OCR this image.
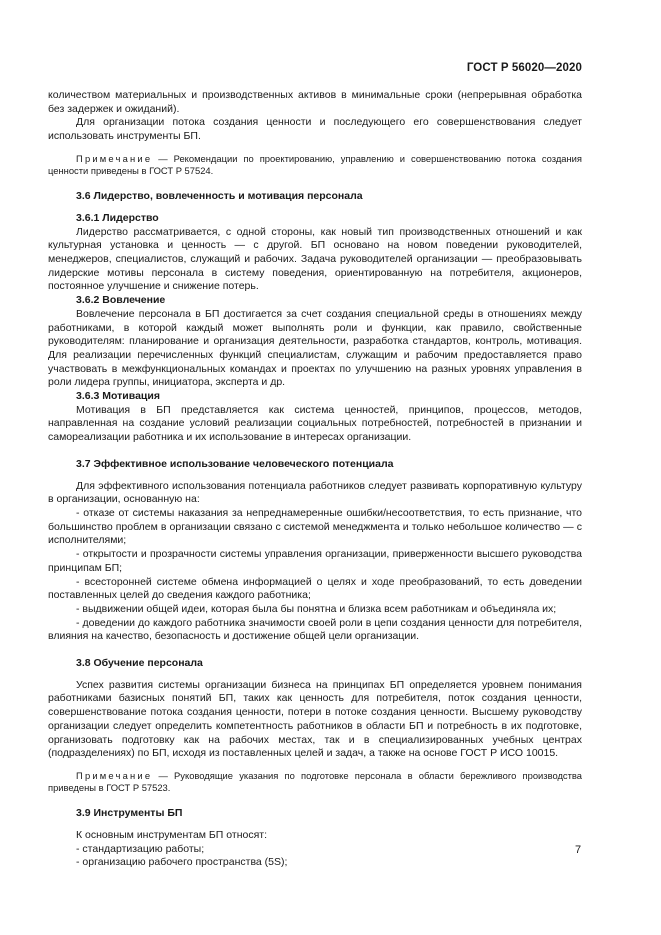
ГОСТ Р 56020—2020

количеством материальных и производственных активов в минимальные сроки (непрерывная обработка без задержек и ожиданий).

Для организации потока создания ценности и последующего его совершенствования следует использовать инструменты БП.

Примечание — Рекомендации по проектированию, управлению и совершенствованию потока создания ценности приведены в ГОСТ Р 57524.

3.6 Лидерство, вовлеченность и мотивация персонала

3.6.1 Лидерство

Лидерство рассматривается, с одной стороны, как новый тип производственных отношений и как культурная установка и ценность — с другой. БП основано на новом поведении руководителей, менеджеров, специалистов, служащий и рабочих. Задача руководителей организации — преобразовывать лидерские мотивы персонала в систему поведения, ориентированную на потребителя, акционеров, постоянное улучшение и снижение потерь.

3.6.2 Вовлечение

Вовлечение персонала в БП достигается за счет создания специальной среды в отношениях между работниками, в которой каждый может выполнять роли и функции, как правило, свойственные руководителям: планирование и организация деятельности, разработка стандартов, контроль, мотивация. Для реализации перечисленных функций специалистам, служащим и рабочим предоставляется право участвовать в межфункциональных командах и проектах по улучшению на разных уровнях управления в роли лидера группы, инициатора, эксперта и др.

3.6.3 Мотивация

Мотивация в БП представляется как система ценностей, принципов, процессов, методов, направленная на создание условий реализации социальных потребностей, потребностей в признании и самореализации работника и их использование в интересах организации.

3.7 Эффективное использование человеческого потенциала

Для эффективного использования потенциала работников следует развивать корпоративную культуру в организации, основанную на:

- отказе от системы наказания за непреднамеренные ошибки/несоответствия, то есть признание, что большинство проблем в организации связано с системой менеджмента и только небольшое количество — с исполнителями;

- открытости и прозрачности системы управления организации, приверженности высшего руководства принципам БП;

- всесторонней системе обмена информацией о целях и ходе преобразований, то есть доведении поставленных целей до сведения каждого работника;

- выдвижении общей идеи, которая была бы понятна и близка всем работникам и объединяла их;

- доведении до каждого работника значимости своей роли в цепи создания ценности для потребителя, влияния на качество, безопасность и достижение общей цели организации.

3.8 Обучение персонала

Успех развития системы организации бизнеса на принципах БП определяется уровнем понимания работниками базисных понятий БП, таких как ценность для потребителя, поток создания ценности, совершенствование потока создания ценности, потери в потоке создания ценности. Высшему руководству организации следует определить компетентность работников в области БП и потребность в их подготовке, организовать подготовку как на рабочих местах, так и в специализированных учебных центрах (подразделениях) по БП, исходя из поставленных целей и задач, а также на основе ГОСТ Р ИСО 10015.

Примечание — Руководящие указания по подготовке персонала в области бережливого производства приведены в ГОСТ Р 57523.

3.9 Инструменты БП

К основным инструментам БП относят:

- стандартизацию работы;

- организацию рабочего пространства (5S);

7
